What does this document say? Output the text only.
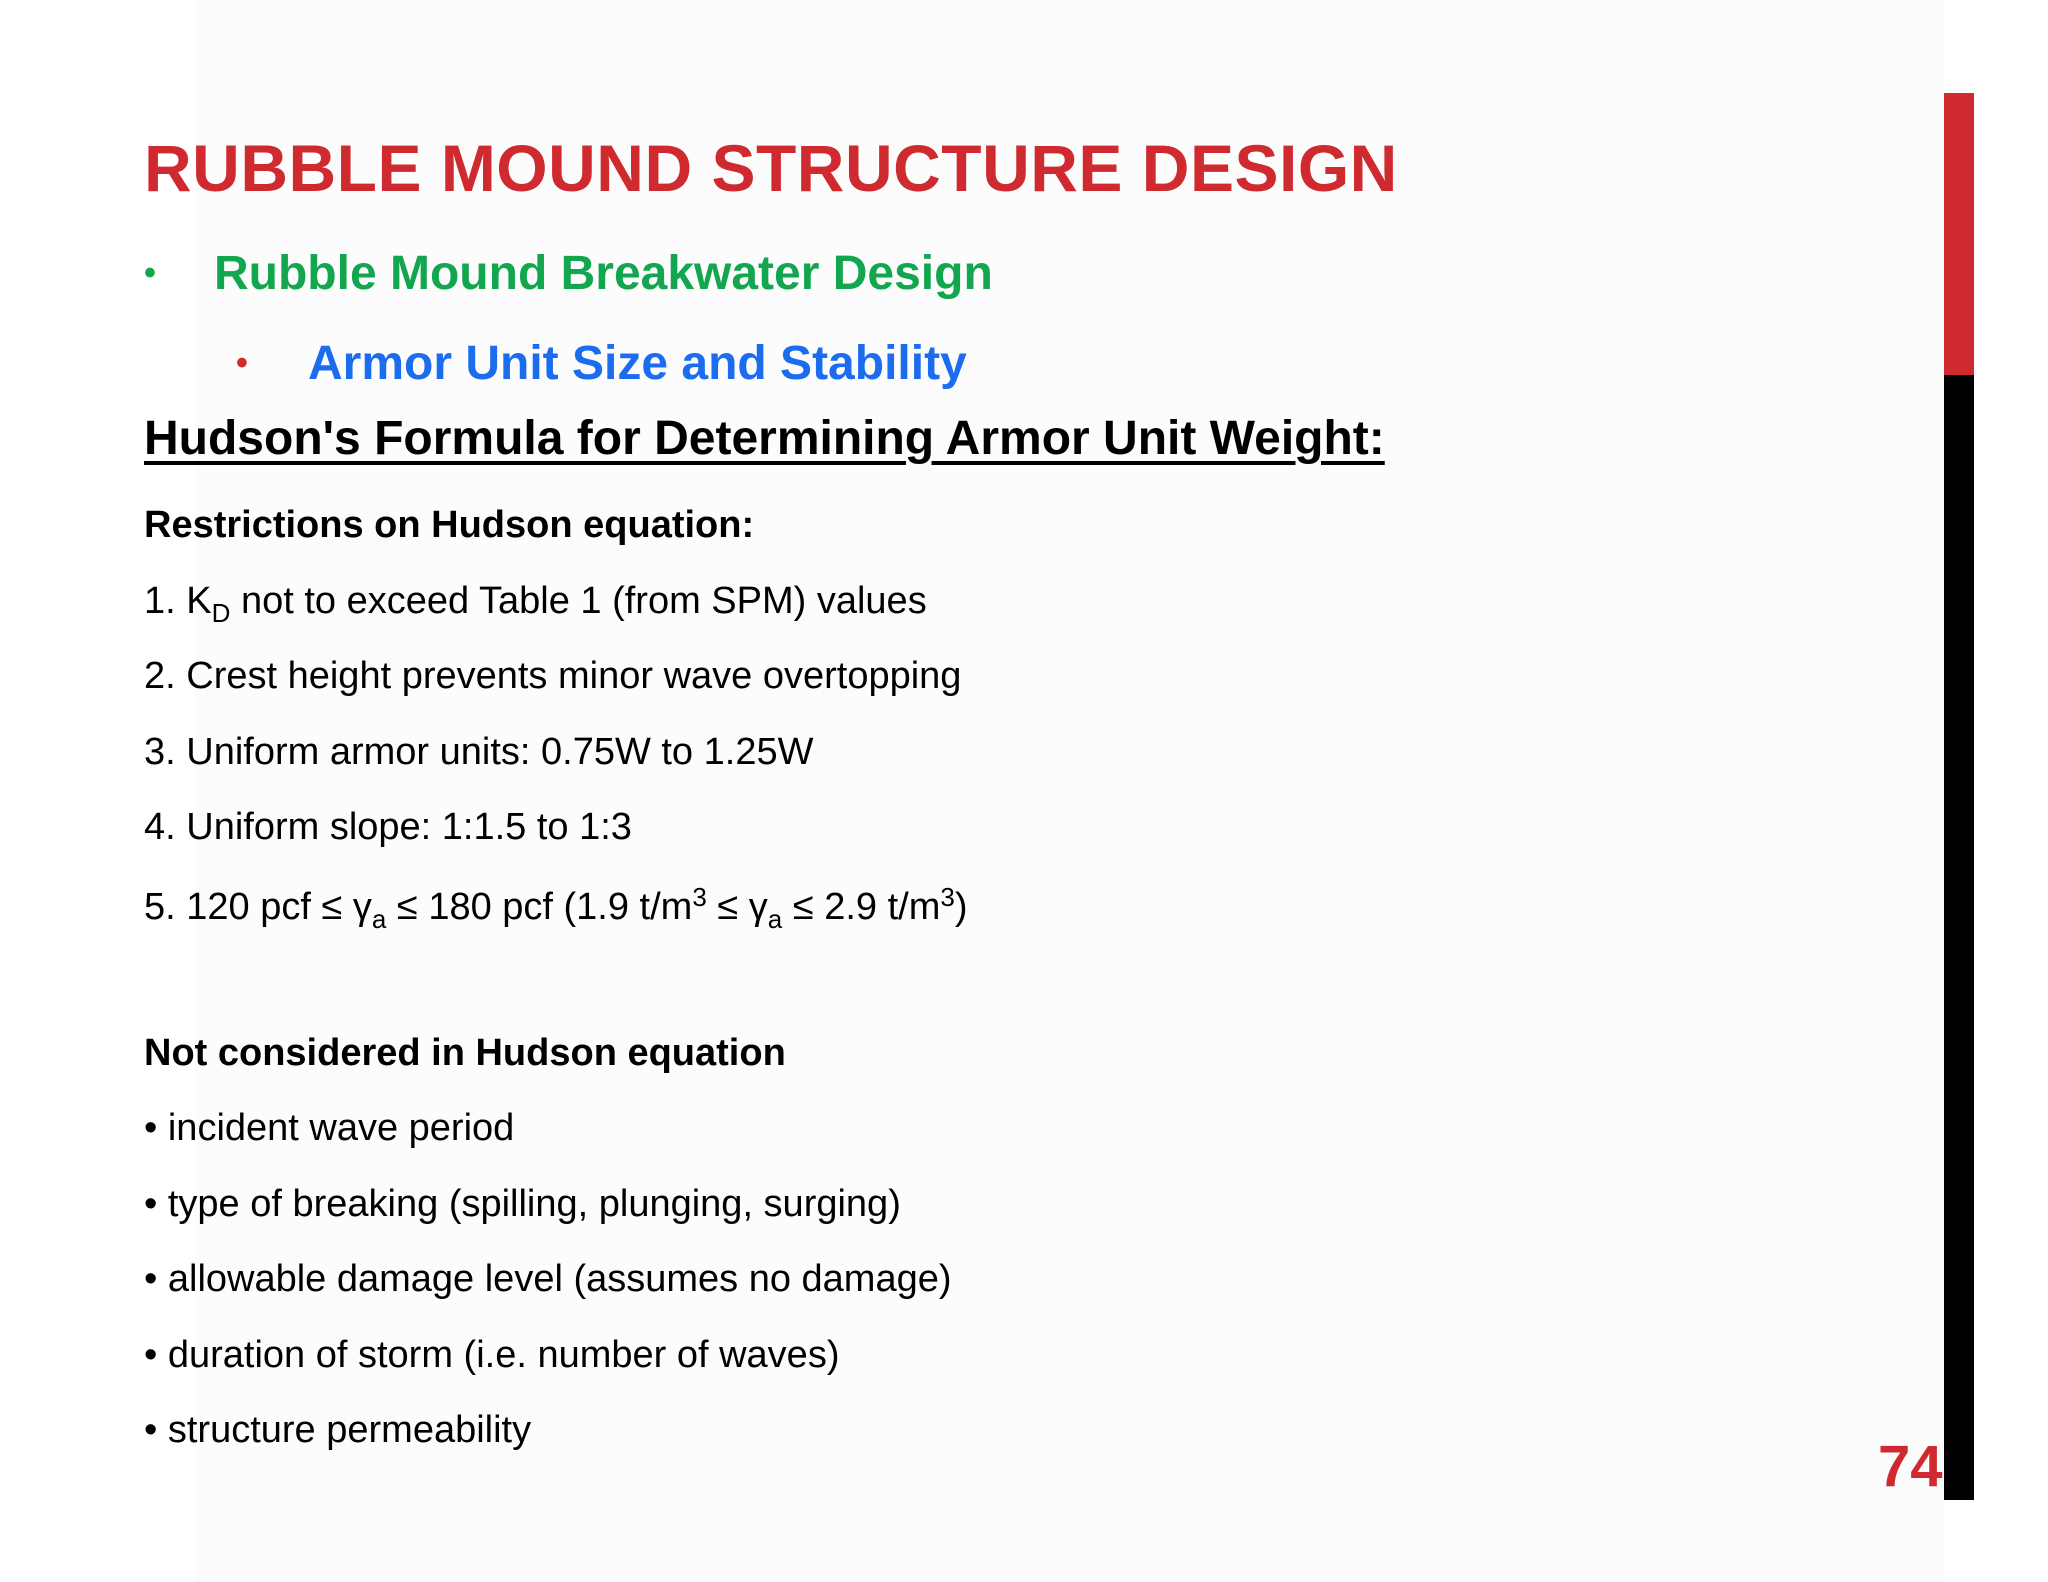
RUBBLE MOUND STRUCTURE DESIGN
• Rubble Mound Breakwater Design
• Armor Unit Size and Stability
Hudson's Formula for Determining Armor Unit Weight:
Restrictions on Hudson equation:
1. $K_D$ not to exceed Table 1 (from SPM) values
2. Crest height prevents minor wave overtopping
3. Uniform armor units: 0.75W to 1.25W
4. Uniform slope: 1:1.5 to 1:3
5. 120 pcf ≤ $\gamma_a \le 180$ pcf (1.9 $t/m^3 \le \gamma_a \le 2.9$ $t/m^3$)
Not considered in Hudson equation
• incident wave period
• type of breaking (spilling, plunging, surging)
• allowable damage level (assumes no damage)
• duration of storm (i.e. number of waves)
• structure permeability
74
